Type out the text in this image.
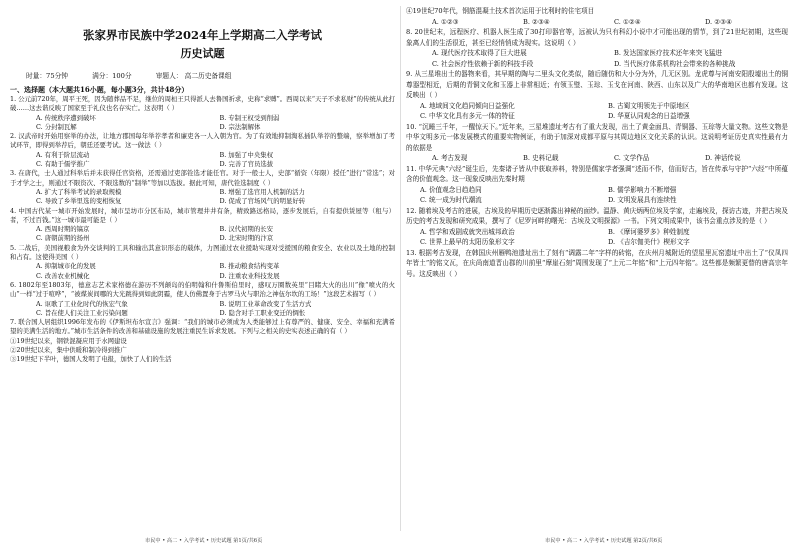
张家界市民族中学2024年上学期高二入学考试
历史试题
时量：75分钟	满分：100分	审题人： 高二历史备课组
一、选择题（本大题共16小题，每小题3分，共计48分）

1. 公元前720年，周平王死，因为随葬品不足，继位的周桓王只得派人去鲁国祈求，史称“求赙”。西周以来“天子不求私财”的传统从此打破……这去谐反映了国家至于礼仪也名存实亡。这表明（ ）

A. 传统秩序遭到破坏	B. 专制王权受到削弱
C. 分封制瓦解	D. 宗法制解体

2. 汉武帝时开始用察举的办法，让地方郡国每年举荐孝者和廉吏各一人入朝为官。为了有效地抑制淘私插队举荐的整端，察举增加了考试环节，即得到举荐后，朝廷还要考试。这一做法（ ）

A. 有利于阶层流动	B. 加强了中央集权
C. 有助于儒学推广	D. 完善了官员选拔

3. 在唐代，士人通过科举后并未获得任官资格，还需通过吏部铨选才能任官。对于一般士人，史部“循资（年限）授任”进行“常选”；对于才学之士，则通过不限资次、不限选数的“制举”等加以选拔。据此可知，唐代铨选制度（ ）

A. 扩大了科举考试的录取规模	B. 增强了选官用人机制的活力
C. 导致了乡举里选的变相恢复	D. 促成了官场风气的明显好转

4. 中国古代某一城市开始发展时，城市呈坊市分区布局，城市管理井井有条，精致路远格局，逐步发展后，自有提供赁屋等（租与）者，不过百钱。”这一城市最可能是（ ）

A. 西周时期的镐京	B. 汉代初期的长安
C. 唐朝前期的扬州	D. 北宋时期的汴京

5. 二战后，美国视粮食为外交谈判的工具和输出其意识形态的载体，力图通过农业援助实现对受援国的粮食安全、农业以及土地的控制和占有。这使得美国（ ）

A. 抑制城市化的发展	B. 推动粮食结构变革
C. 改善农业机械化	D. 注重农业科技发展

6. 1802年至1803年，德意志艺术家格德在游历不列颠岛的伯明翰和什鲁斯伯里时，感叹万圈数英里“目睹大火的出川”像“喷火的火山”一样“过于喧哗”，“被煤炭间哪的大光跳得到如此阴霾，使人仿佛置身于古罗马火与职治之神伍尔坎的工场！”这段艺术描写（ ）

A. 讴歌了工业化时代的恢宏气象	B. 说明工业革命改变了生活方式
C. 旨在使人们关注工业污染问题	D. 隐含对手工职业变迁的惆怅

7. 联合国人居组织1996年发布的《伊斯坦布尔宣言》强调：“我们的城市必须成为人类能够过上有尊严的、健康、安全、幸福和充满希望的美满生活的地方。”城市生活条件的改善和基础设施的发展注重民生诉求发展。下列与之相关的史实表述正确的有（ ）

①19世纪以来，钢铁混凝应用于水网建设

②20世纪以来，集中供暖和制冷得到推广

③19世纪下半叶，德国人发明了电报，加快了人们的生活

④19世纪70年代，钢筋混凝土技术首次运用于比利时的住宅项目

A. ①②③	B. ②③④	C. ①②④	D. ②③④

8. 20世纪末，远程医疗、机器人医生成了30打印器官等，远被认为只有科幻小说中才可能出现的情节，到了21世纪初期，这些现象离人们的生活很近，甚至已经悄悄成为现实。这说明（ ）

A. 现代医疗技术取得了巨大进展	B. 发达国家医疗技术还年来突飞猛进
C. 社会医疗性依赖于新的科技手段	D. 当代医疗体系机构社会带来的各种挑战

9. 从三星堆出土的器物来看，其早期的陶与二里头文化类似，随后随仿和大小分为外，几无区别。龙虎尊与河南安阳殷墟出土的铜尊器型相近，后期的青铜文化和玉器上非常相近；有领玉璧、玉琮、玉戈在河南、陕西、山东以及广大的华南地区也都有发现。这反映出（ ）

A. 地域间文化趋同倾向日益强化	B. 古蜀文明领先于中原地区
C. 中华文化具有多元一体的特征	D. 华夏认同观念的日益增强

10. “沉睡三千年，一醒惊天下。”近年来，三星堆遗址考古有了重大发现，出土了黄金面具、青铜器、玉琮等大量文物。这些文物是中华文明多元一体发展模式的重要实物例证，有助于加深对成都平原与其周边地区文化关系的认识。这说明考证历史真实性最有力的依据是

A. 考古发现	B. 史料记载	C. 文学作品	D. 神话传说

11. 中华元典“六经”诞生后，先秦诸子皆从中获取养料，特别是儒家学者强调“述而不作，信而好古，旨在传承与守护“六经”中所蕴含的价值观念。这一现象反映出先秦时期

A. 价值观念日趋趋同	B. 儒学影响力不断增强
C. 统一成为时代潮流	D. 文明发展具有连续性

12. 随着埃及考古的进展，古埃及的早期历史逐渐露出神秘的面纱。温静、黄庆炳两位埃及学家，走遍埃及，探访古迹，并把古埃及历史的考古发现和研究成果，撰写了《尼罗河畔的曙光：古埃及文明探源》一书。下列文明成果中，该书会重点涉及的是（ ）

A. 哲学和戏剧成就突出城邦政治	B. 《摩诃婆罗多》种姓制度
C. 世界上最早的太阳历象形文字	D. 《吉尔伽美什》楔形文字

13. 根据考古发现，在韩国庆州雁鸭池遗址出土了刻有“调露二年”字样的砖铭，在庆州月城附近的望星里瓦窑遗址中出土了“仪凤四年皆土”的铭文瓦，在庆尚南道晋山郡的川前里“摩崖石刻”周围发现了“上元二年铭”和“上元四年铭”。这些都是频繁更替的唐高宗年号。这反映出（ ）

市民中 • 高二 • 入学考试 • 历史试题 第1页/共6页	市民中 • 高二 • 入学考试 • 历史试题 第2页/共6页
